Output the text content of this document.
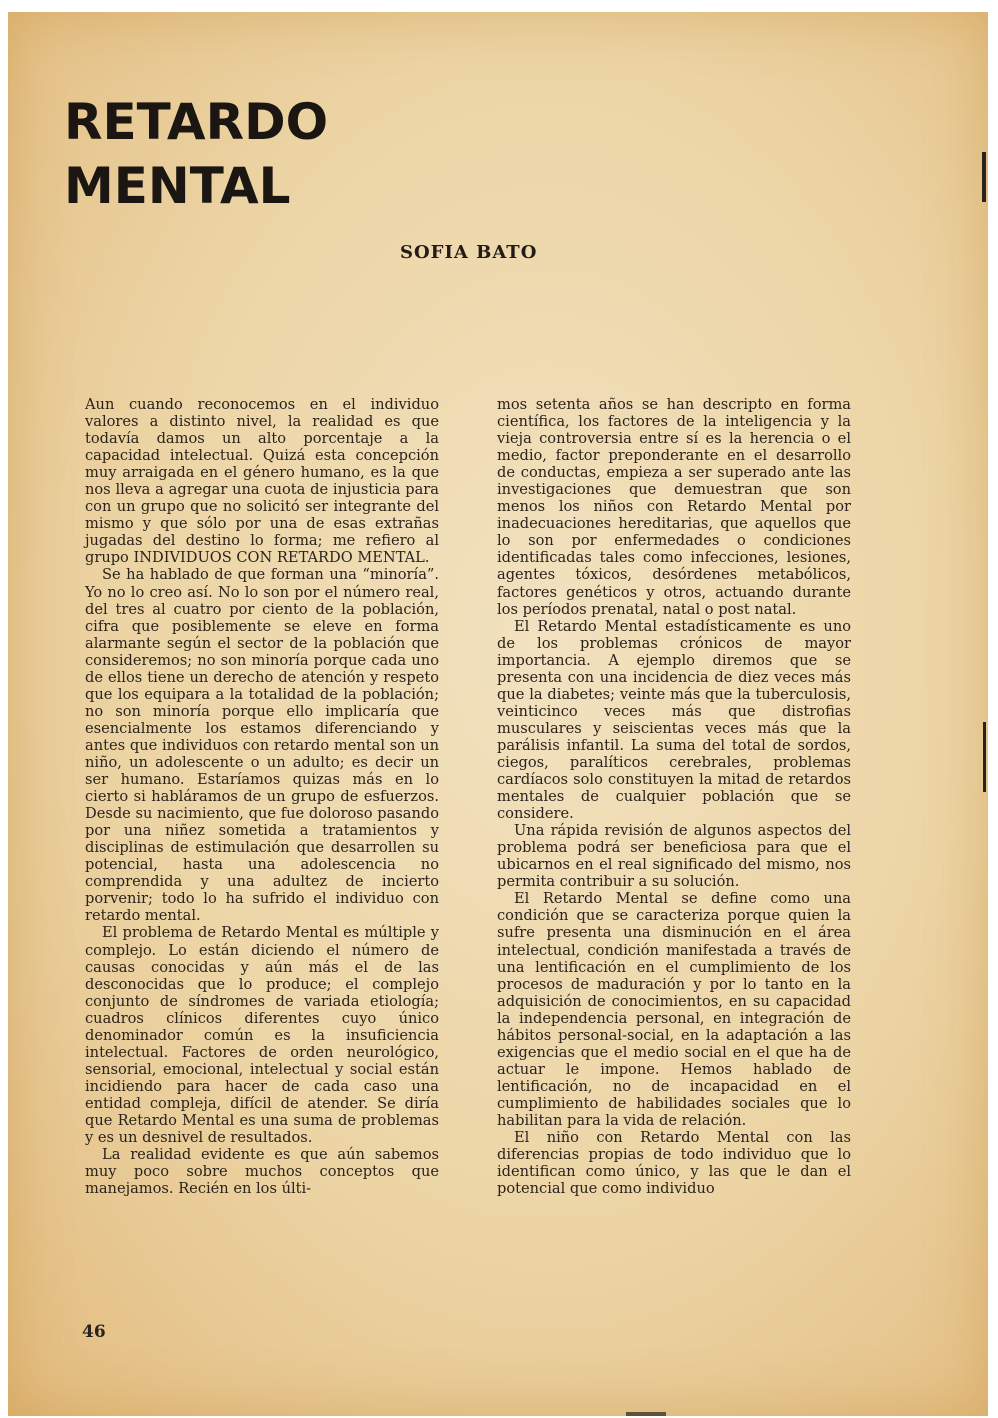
RETARDO
MENTAL
SOFIA BATO

Aun cuando reconocemos en el individuo valores a distinto nivel, la realidad es que todavía damos un alto porcentaje a la capacidad intelectual. Quizá esta concepción muy arraigada en el género humano, es la que nos lleva a agregar una cuota de injusticia para con un grupo que no solicitó ser integrante del mismo y que sólo por una de esas extrañas jugadas del destino lo forma; me refiero al grupo INDIVIDUOS CON RETARDO MENTAL.

Se ha hablado de que forman una “minoría”. Yo no lo creo así. No lo son por el número real, del tres al cuatro por ciento de la población, cifra que posiblemente se eleve en forma alarmante según el sector de la población que consideremos; no son minoría porque cada uno de ellos tiene un derecho de atención y respeto que los equipara a la totalidad de la población; no son minoría porque ello implicaría que esencialmente los estamos diferenciando y antes que individuos con retardo mental son un niño, un adolescente o un adulto; es decir un ser humano. Estaríamos quizas más en lo cierto si habláramos de un grupo de esfuerzos. Desde su nacimiento, que fue doloroso pasando por una niñez sometida a tratamientos y disciplinas de estimulación que desarrollen su potencial, hasta una adolescencia no comprendida y una adultez de incierto porvenir; todo lo ha sufrido el individuo con retardo mental.

El problema de Retardo Mental es múltiple y complejo. Lo están diciendo el número de causas conocidas y aún más el de las desconocidas que lo produce; el complejo conjunto de síndromes de variada etiología; cuadros clínicos diferentes cuyo único denominador común es la insuficiencia intelectual. Factores de orden neurológico, sensorial, emocional, intelectual y social están incidiendo para hacer de cada caso una entidad compleja, difícil de atender. Se diría que Retardo Mental es una suma de problemas y es un desnivel de resultados.

La realidad evidente es que aún sabemos muy poco sobre muchos conceptos que manejamos. Recién en los últi-

mos setenta años se han descripto en forma científica, los factores de la inteligencia y la vieja controversia entre sí es la herencia o el medio, factor preponderante en el desarrollo de conductas, empieza a ser superado ante las investigaciones que demuestran que son menos los niños con Retardo Mental por inadecuaciones hereditarias, que aquellos que lo son por enfermedades o condiciones identificadas tales como infecciones, lesiones, agentes tóxicos, desórdenes metabólicos, factores genéticos y otros, actuando durante los períodos prenatal, natal o post natal.

El Retardo Mental estadísticamente es uno de los problemas crónicos de mayor importancia. A ejemplo diremos que se presenta con una incidencia de diez veces más que la diabetes; veinte más que la tuberculosis, veinticinco veces más que distrofias musculares y seiscientas veces más que la parálisis infantil. La suma del total de sordos, ciegos, paralíticos cerebrales, problemas cardíacos solo constituyen la mitad de retardos mentales de cualquier población que se considere.

Una rápida revisión de algunos aspectos del problema podrá ser beneficiosa para que el ubicarnos en el real significado del mismo, nos permita contribuir a su solución.

El Retardo Mental se define como una condición que se caracteriza porque quien la sufre presenta una disminución en el área intelectual, condición manifestada a través de una lentificación en el cumplimiento de los procesos de maduración y por lo tanto en la adquisición de conocimientos, en su capacidad la independencia personal, en integración de hábitos personal-social, en la adaptación a las exigencias que el medio social en el que ha de actuar le impone. Hemos hablado de lentificación, no de incapacidad en el cumplimiento de habilidades sociales que lo habilitan para la vida de relación.

El niño con Retardo Mental con las diferencias propias de todo individuo que lo identifican como único, y las que le dan el potencial que como individuo

46
